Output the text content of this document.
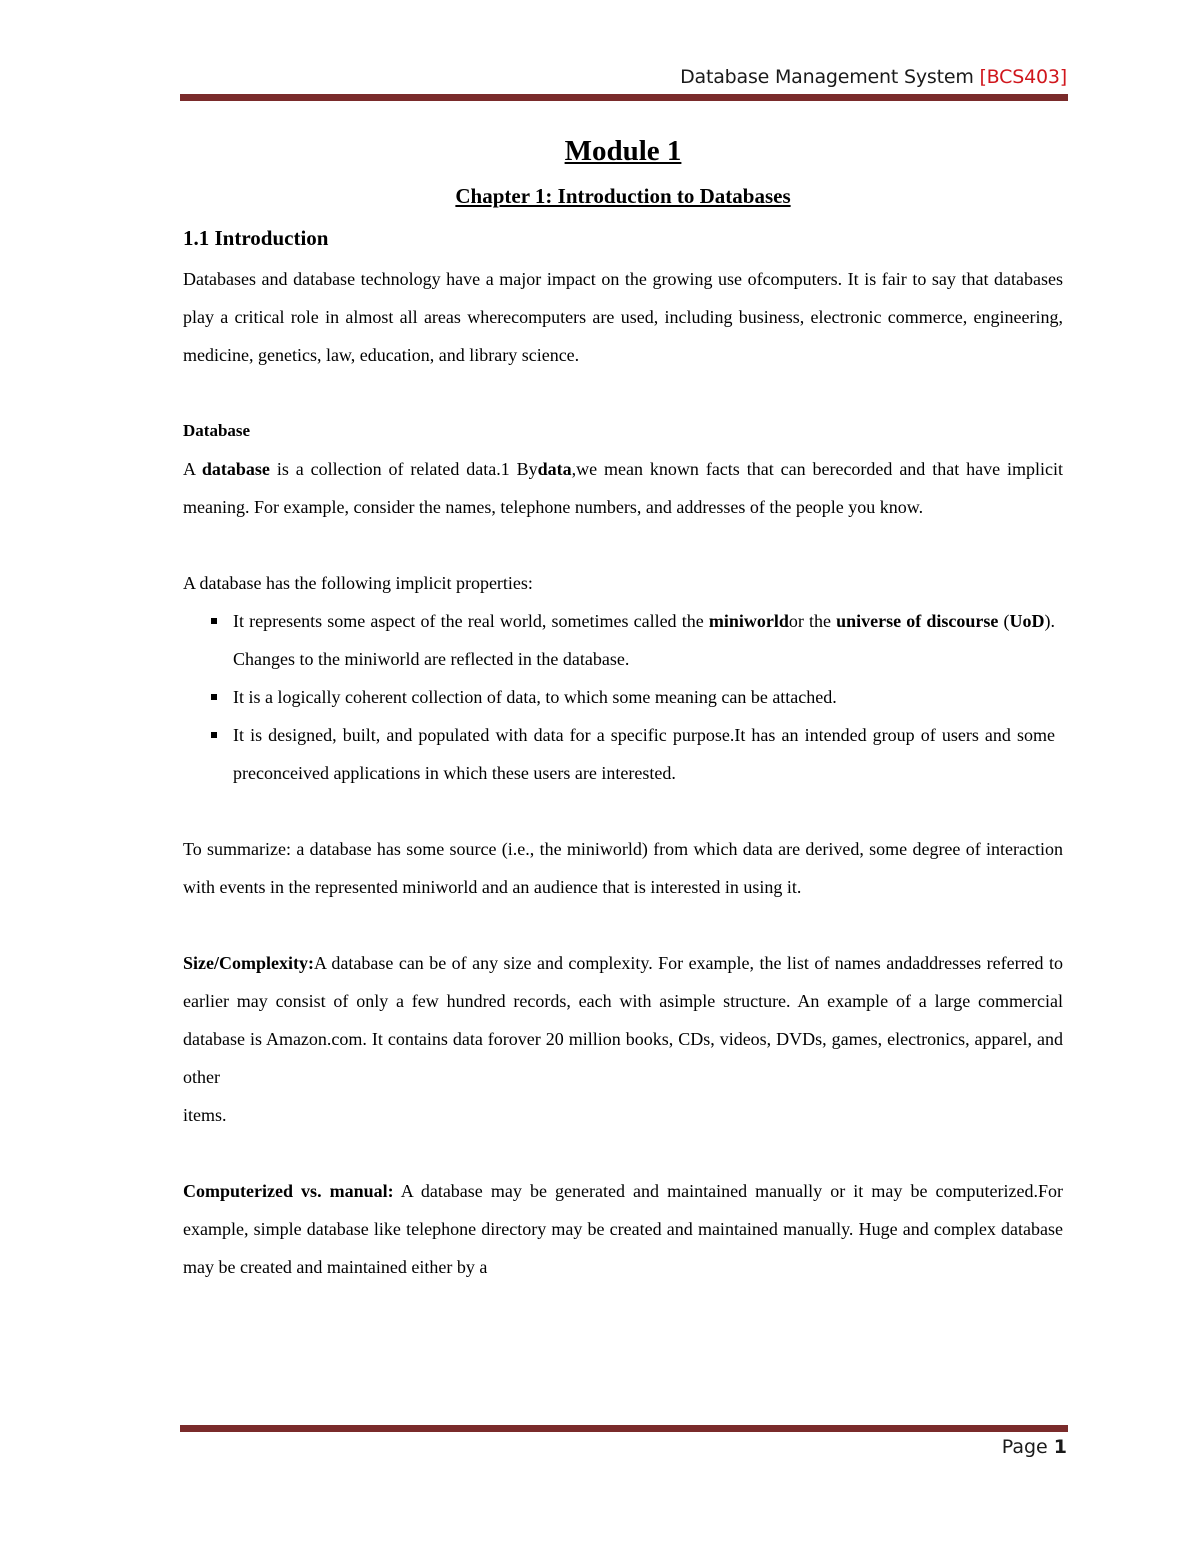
Database Management System [BCS403]
Module 1
Chapter 1: Introduction to Databases
1.1 Introduction

Databases and database technology have a major impact on the growing use ofcomputers. It is fair to say that databases play a critical role in almost all areas wherecomputers are used, including business, electronic commerce, engineering, medicine, genetics, law, education, and library science.

Database

A database is a collection of related data.1 Bydata,we mean known facts that can berecorded and that have implicit meaning. For example, consider the names, telephone numbers, and addresses of the people you know.

A database has the following implicit properties:

It represents some aspect of the real world, sometimes called the miniworldor the universe of discourse (UoD). Changes to the miniworld are reflected in the database.
It is a logically coherent collection of data, to which some meaning can be attached.
It is designed, built, and populated with data for a specific purpose.It has an intended group of users and some preconceived applications in which these users are interested.

To summarize: a database has some source (i.e., the miniworld) from which data are derived, some degree of interaction with events in the represented miniworld and an audience that is interested in using it.

Size/Complexity:A database can be of any size and complexity. For example, the list of names andaddresses referred to earlier may consist of only a few hundred records, each with asimple structure. An example of a large commercial database is Amazon.com. It contains data forover 20 million books, CDs, videos, DVDs, games, electronics, apparel, and other

items.

Computerized vs. manual: A database may be generated and maintained manually or it may be computerized.For example, simple database like telephone directory may be created and maintained manually. Huge and complex database may be created and maintained either by a

Page 1
